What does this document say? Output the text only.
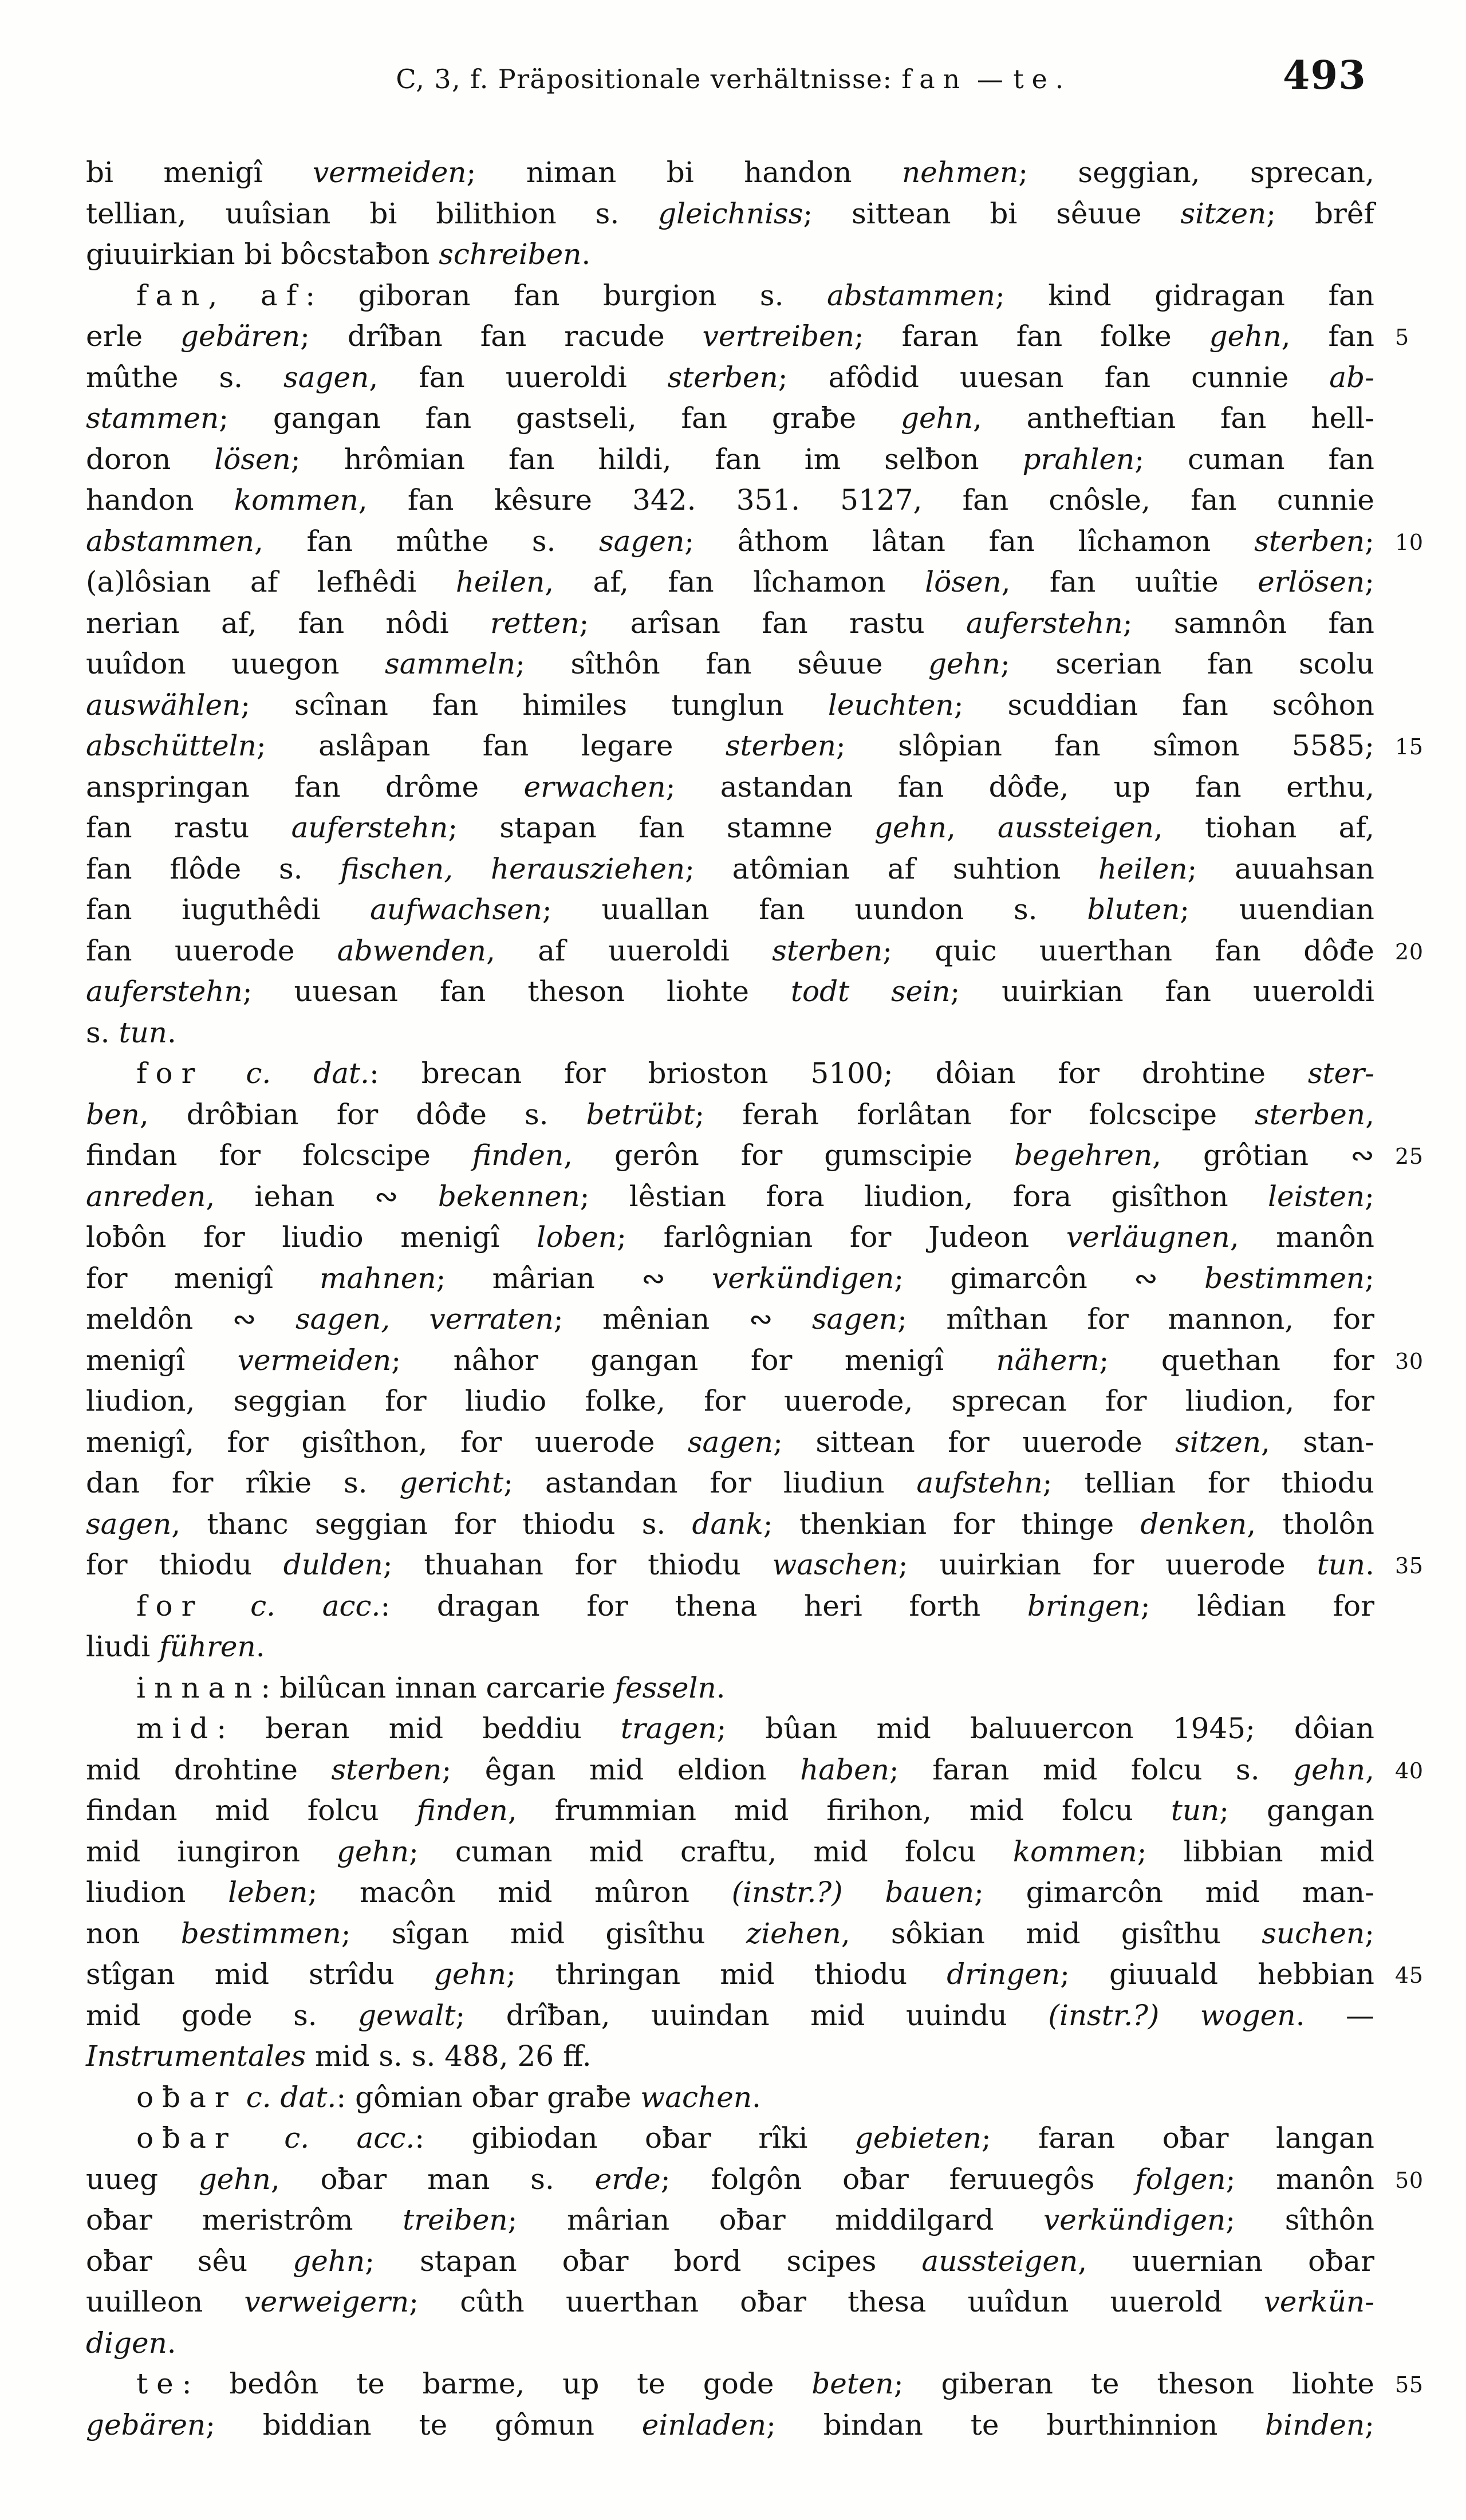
C, 3, f. Präpositionale verhältnisse: fan — te.	493
bi menigî vermeiden; niman bi handon nehmen; seggian, sprecan,
tellian, uuîsian bi bilithion s. gleichniss; sittean bi sêuue sitzen; brêf
giuuirkian bi bôcstaƀon schreiben.
fan, af: giboran fan burgion s. abstammen; kind gidragan fan
erle gebären; drîƀan fan racude vertreiben; faran fan folke gehn, fan 5
mûthe s. sagen, fan uueroldi sterben; afôdid uuesan fan cunnie ab-
stammen; gangan fan gastseli, fan graƀe gehn, antheftian fan hell-
doron lösen; hrômian fan hildi, fan im selƀon prahlen; cuman fan
handon kommen, fan kêsure 342. 351. 5127, fan cnôsle, fan cunnie
abstammen, fan mûthe s. sagen; âthom lâtan fan lîchamon sterben; 10
(a)lôsian af lefhêdi heilen, af, fan lîchamon lösen, fan uuîtie erlösen;
nerian af, fan nôdi retten; arîsan fan rastu auferstehn; samnôn fan
uuîdon uuegon sammeln; sîthôn fan sêuue gehn; scerian fan scolu
auswählen; scînan fan himiles tunglun leuchten; scuddian fan scôhon
abschütteln; aslâpan fan legare sterben; slôpian fan sîmon 5585; 15
anspringan fan drôme erwachen; astandan fan dôđe, up fan erthu,
fan rastu auferstehn; stapan fan stamne gehn, aussteigen, tiohan af,
fan flôde s. fischen, herausziehen; atômian af suhtion heilen; auuahsan
fan iuguthêdi aufwachsen; uuallan fan uundon s. bluten; uuendian
fan uuerode abwenden, af uueroldi sterben; quic uuerthan fan dôđe 20
auferstehn; uuesan fan theson liohte todt sein; uuirkian fan uueroldi
s. tun.
for c. dat.: brecan for brioston 5100; dôian for drohtine ster-
ben, drôƀian for dôđe s. betrübt; ferah forlâtan for folcscipe sterben,
findan for folcscipe finden, gerôn for gumscipie begehren, grôtian ∾ 25
anreden, iehan ∾ bekennen; lêstian fora liudion, fora gisîthon leisten;
loƀôn for liudio menigî loben; farlôgnian for Judeon verläugnen, manôn
for menigî mahnen; mârian ∾ verkündigen; gimarcôn ∾ bestimmen;
meldôn ∾ sagen, verraten; mênian ∾ sagen; mîthan for mannon, for
menigî vermeiden; nâhor gangan for menigî nähern; quethan for 30
liudion, seggian for liudio folke, for uuerode, sprecan for liudion, for
menigî, for gisîthon, for uuerode sagen; sittean for uuerode sitzen, stan-
dan for rîkie s. gericht; astandan for liudiun aufstehn; tellian for thiodu
sagen, thanc seggian for thiodu s. dank; thenkian for thinge denken, tholôn
for thiodu dulden; thuahan for thiodu waschen; uuirkian for uuerode tun. 35
for c. acc.: dragan for thena heri forth bringen; lêdian for
liudi führen.
innan: bilûcan innan carcarie fesseln.
mid: beran mid beddiu tragen; bûan mid baluuercon 1945; dôian
mid drohtine sterben; êgan mid eldion haben; faran mid folcu s. gehn, 40
findan mid folcu finden, frummian mid firihon, mid folcu tun; gangan
mid iungiron gehn; cuman mid craftu, mid folcu kommen; libbian mid
liudion leben; macôn mid mûron (instr.?) bauen; gimarcôn mid man-
non bestimmen; sîgan mid gisîthu ziehen, sôkian mid gisîthu suchen;
stîgan mid strîdu gehn; thringan mid thiodu dringen; giuuald hebbian 45
mid gode s. gewalt; drîƀan, uuindan mid uuindu (instr.?) wogen. —
Instrumentales mid s. s. 488, 26 ff.
oƀar c. dat.: gômian oƀar graƀe wachen.
oƀar c. acc.: gibiodan oƀar rîki gebieten; faran oƀar langan
uueg gehn, oƀar man s. erde; folgôn oƀar feruuegôs folgen; manôn 50
oƀar meristrôm treiben; mârian oƀar middilgard verkündigen; sîthôn
oƀar sêu gehn; stapan oƀar bord scipes aussteigen, uuernian oƀar
uuilleon verweigern; cûth uuerthan oƀar thesa uuîdun uuerold verkün-
digen.
te: bedôn te barme, up te gode beten; giberan te theson liohte 55
gebären; biddian te gômun einladen; bindan te burthinnion binden;
